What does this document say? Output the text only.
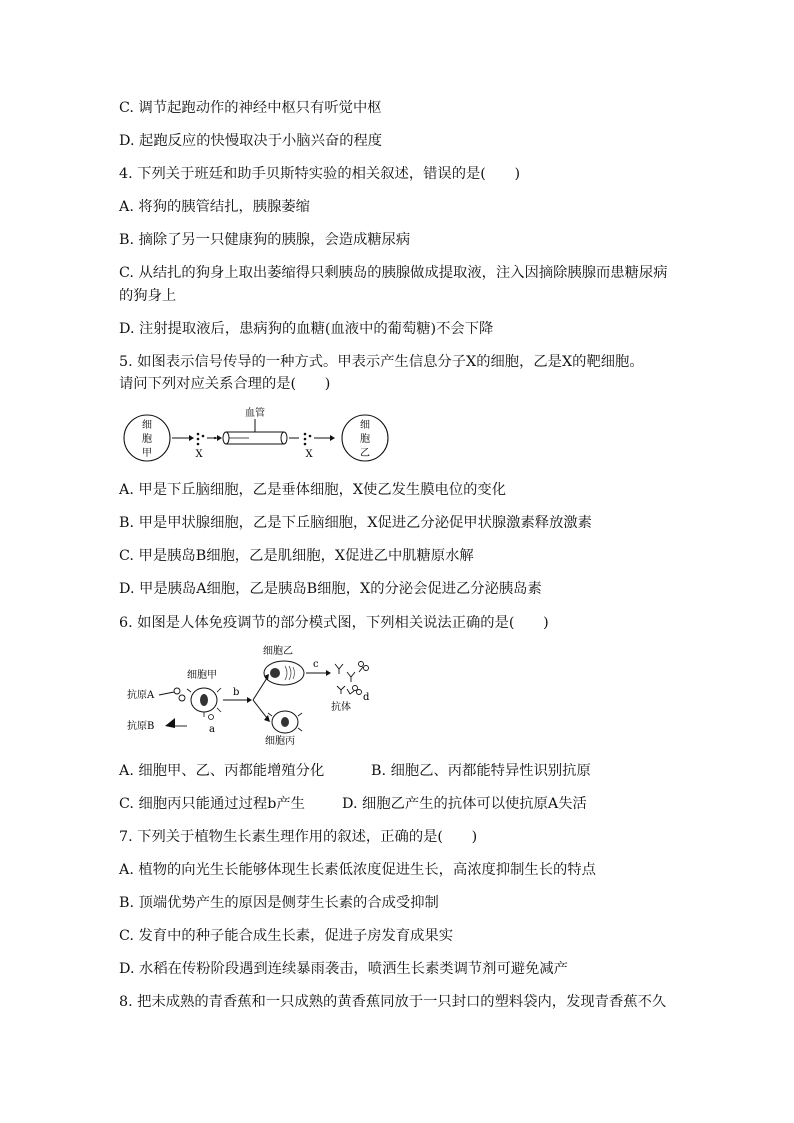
C. 调节起跑动作的神经中枢只有听觉中枢
D. 起跑反应的快慢取决于小脑兴奋的程度
4. 下列关于班廷和助手贝斯特实验的相关叙述，错误的是(　　)
A. 将狗的胰管结扎，胰腺萎缩
B. 摘除了另一只健康狗的胰腺，会造成糖尿病
C. 从结扎的狗身上取出萎缩得只剩胰岛的胰腺做成提取液，注入因摘除胰腺而患糖尿病
的狗身上
D. 注射提取液后，患病狗的血糖(血液中的葡萄糖)不会下降
5. 如图表示信号传导的一种方式。甲表示产生信息分子X的细胞，乙是X的靶细胞。
请问下列对应关系合理的是(　　)
细
胞
甲	X
血管
X
细
胞
乙
A. 甲是下丘脑细胞，乙是垂体细胞，X使乙发生膜电位的变化
B. 甲是甲状腺细胞，乙是下丘脑细胞，X促进乙分泌促甲状腺激素释放激素
C. 甲是胰岛B细胞，乙是肌细胞，X促进乙中肌糖原水解
D. 甲是胰岛A细胞，乙是胰岛B细胞，X的分泌会促进乙分泌胰岛素
6. 如图是人体免疫调节的部分模式图，下列相关说法正确的是(　　)
抗原A
抗原B
细胞甲
a
b
细胞乙
c
d
抗体
细胞丙
A. 细胞甲、乙、丙都能增殖分化	B. 细胞乙、丙都能特异性识别抗原
C. 细胞丙只能通过过程b产生	D. 细胞乙产生的抗体可以使抗原A失活
7. 下列关于植物生长素生理作用的叙述，正确的是(　　)
A. 植物的向光生长能够体现生长素低浓度促进生长，高浓度抑制生长的特点
B. 顶端优势产生的原因是侧芽生长素的合成受抑制
C. 发育中的种子能合成生长素，促进子房发育成果实
D. 水稻在传粉阶段遇到连续暴雨袭击，喷洒生长素类调节剂可避免减产
8. 把未成熟的青香蕉和一只成熟的黄香蕉同放于一只封口的塑料袋内，发现青香蕉不久
